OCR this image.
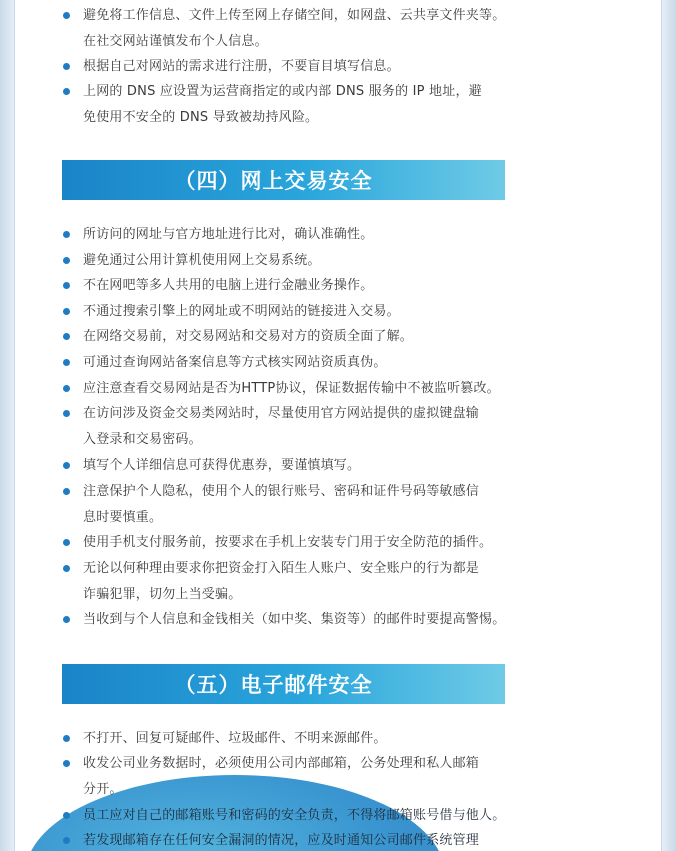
避免将工作信息、文件上传至网上存储空间，如网盘、云共享文件夹等。
在社交网站谨慎发布个人信息。
根据自己对网站的需求进行注册，不要盲目填写信息。
上网的 DNS 应设置为运营商指定的或内部 DNS 服务的 IP 地址，避
免使用不安全的 DNS 导致被劫持风险。
（四）网上交易安全
所访问的网址与官方地址进行比对，确认准确性。
避免通过公用计算机使用网上交易系统。
不在网吧等多人共用的电脑上进行金融业务操作。
不通过搜索引擎上的网址或不明网站的链接进入交易。
在网络交易前，对交易网站和交易对方的资质全面了解。
可通过查询网站备案信息等方式核实网站资质真伪。
应注意查看交易网站是否为HTTP协议，保证数据传输中不被监听篡改。
在访问涉及资金交易类网站时，尽量使用官方网站提供的虚拟键盘输
入登录和交易密码。
填写个人详细信息可获得优惠券，要谨慎填写。
注意保护个人隐私，使用个人的银行账号、密码和证件号码等敏感信
息时要慎重。
使用手机支付服务前，按要求在手机上安装专门用于安全防范的插件。
无论以何种理由要求你把资金打入陌生人账户、安全账户的行为都是
诈骗犯罪，切勿上当受骗。
当收到与个人信息和金钱相关（如中奖、集资等）的邮件时要提高警惕。
（五）电子邮件安全
不打开、回复可疑邮件、垃圾邮件、不明来源邮件。
收发公司业务数据时，必须使用公司内部邮箱，公务处理和私人邮箱
分开。
员工应对自己的邮箱账号和密码的安全负责，不得将邮箱账号借与他人。
若发现邮箱存在任何安全漏洞的情况，应及时通知公司邮件系统管理
